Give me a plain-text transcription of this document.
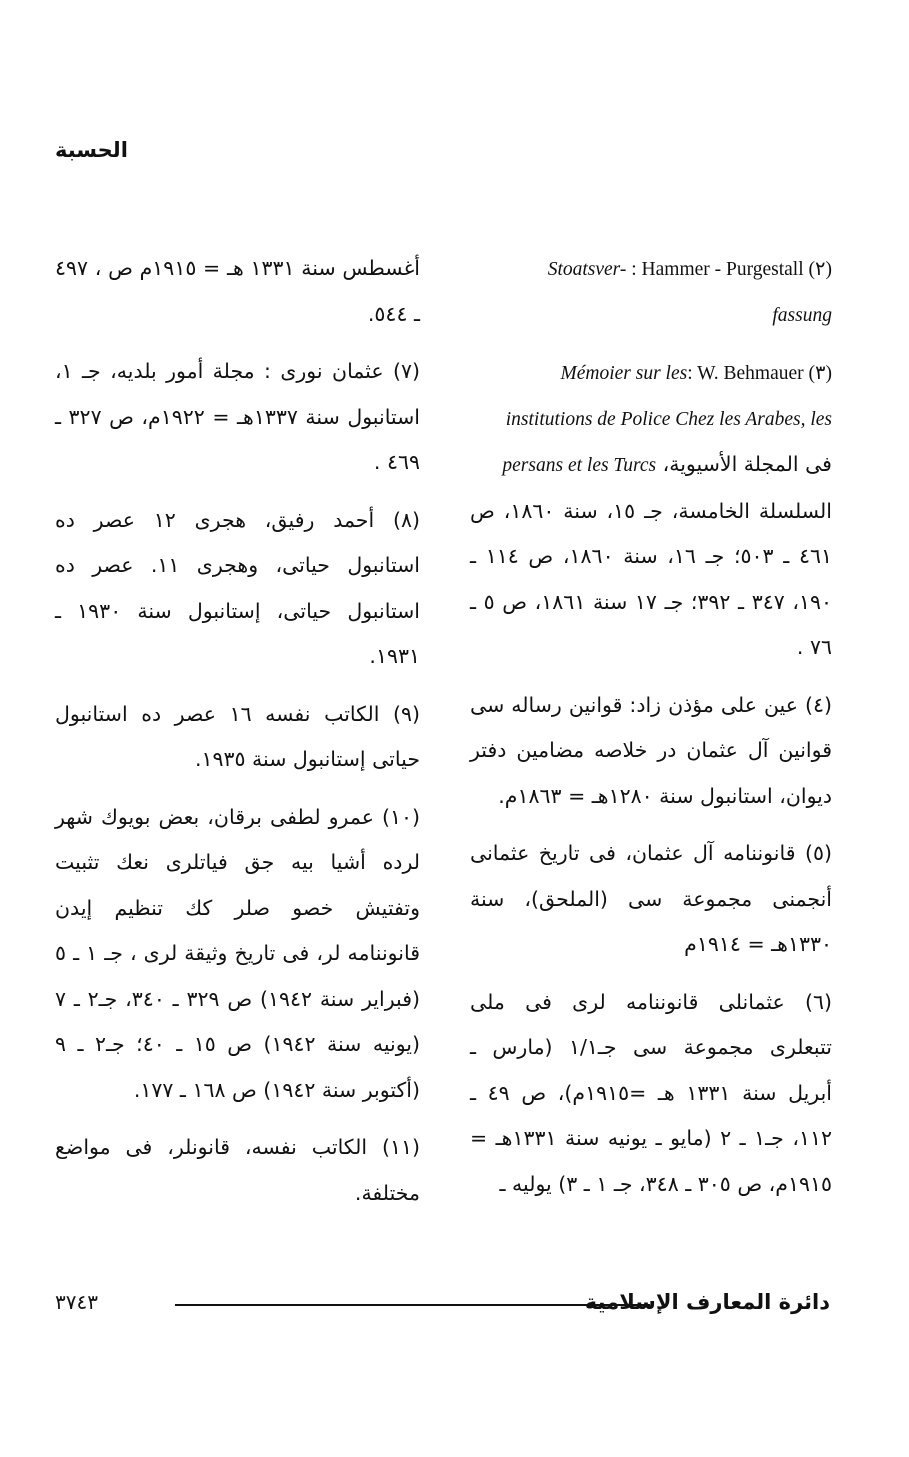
الحسبة
Stoatsver- : Hammer - Purgestall (٢)
fassung
Mémoier sur les: W. Behmauer (٣)
institutions de Police Chez les Arabes, les
فى المجلة الأسيوية، persans et les Turcs
السلسلة الخامسة، جـ ١٥، سنة ١٨٦٠، ص ٤٦١ ـ ٥٠٣؛ جـ ١٦، سنة ١٨٦٠، ص ١١٤ ـ ١٩٠، ٣٤٧ ـ ٣٩٢؛ جـ ١٧ سنة ١٨٦١، ص ٥ ـ ٧٦ .
(٤) عين على مؤذن زاد: قوانين رساله سى قوانين آل عثمان در خلاصه مضامين دفتر ديوان، استانبول سنة ١٢٨٠هـ = ١٨٦٣م.
(٥) قانوننامه آل عثمان، فى تاريخ عثمانى أنجمنى مجموعة سى (الملحق)، سنة ١٣٣٠هـ = ١٩١٤م
(٦) عثمانلى قانوننامه لرى فى ملى تتبعلرى مجموعة سى جـ١/١ (مارس ـ أبريل سنة ١٣٣١ هـ =١٩١٥م)، ص ٤٩ ـ ١١٢، جـ١ ـ ٢ (مايو ـ يونيه سنة ١٣٣١هـ = ١٩١٥م، ص ٣٠٥ ـ ٣٤٨، جـ ١ ـ ٣) يوليه ـ
أغسطس سنة ١٣٣١ هـ = ١٩١٥م ص ، ٤٩٧ ـ ٥٤٤.
(٧) عثمان نورى : مجلة أمور بلديه، جـ ١، استانبول سنة ١٣٣٧هـ = ١٩٢٢م، ص ٣٢٧ ـ ٤٦٩ .
(٨) أحمد رفيق، هجرى ١٢ عصر ده استانبول حياتى، وهجرى ١١. عصر ده استانبول حياتى، إستانبول سنة ١٩٣٠ ـ ١٩٣١.
(٩) الكاتب نفسه ١٦ عصر ده استانبول حياتى إستانبول سنة ١٩٣٥.
(١٠) عمرو لطفى برقان، بعض بويوك شهر لرده أشيا بيه جق فياتلرى نعك تثبيت وتفتيش خصو صلر كك تنظيم إيدن قانوننامه لر، فى تاريخ وثيقة لرى ، جـ ١ ـ ٥ (فبراير سنة ١٩٤٢) ص ٣٢٩ ـ ٣٤٠، جـ٢ ـ ٧ (يونيه سنة ١٩٤٢) ص ١٥ ـ ٤٠؛ جـ٢ ـ ٩ (أكتوبر سنة ١٩٤٢) ص ١٦٨ ـ ١٧٧.
(١١) الكاتب نفسه، قانونلر، فى مواضع مختلفة.
دائرة المعارف الإسلامية
٣٧٤٣
